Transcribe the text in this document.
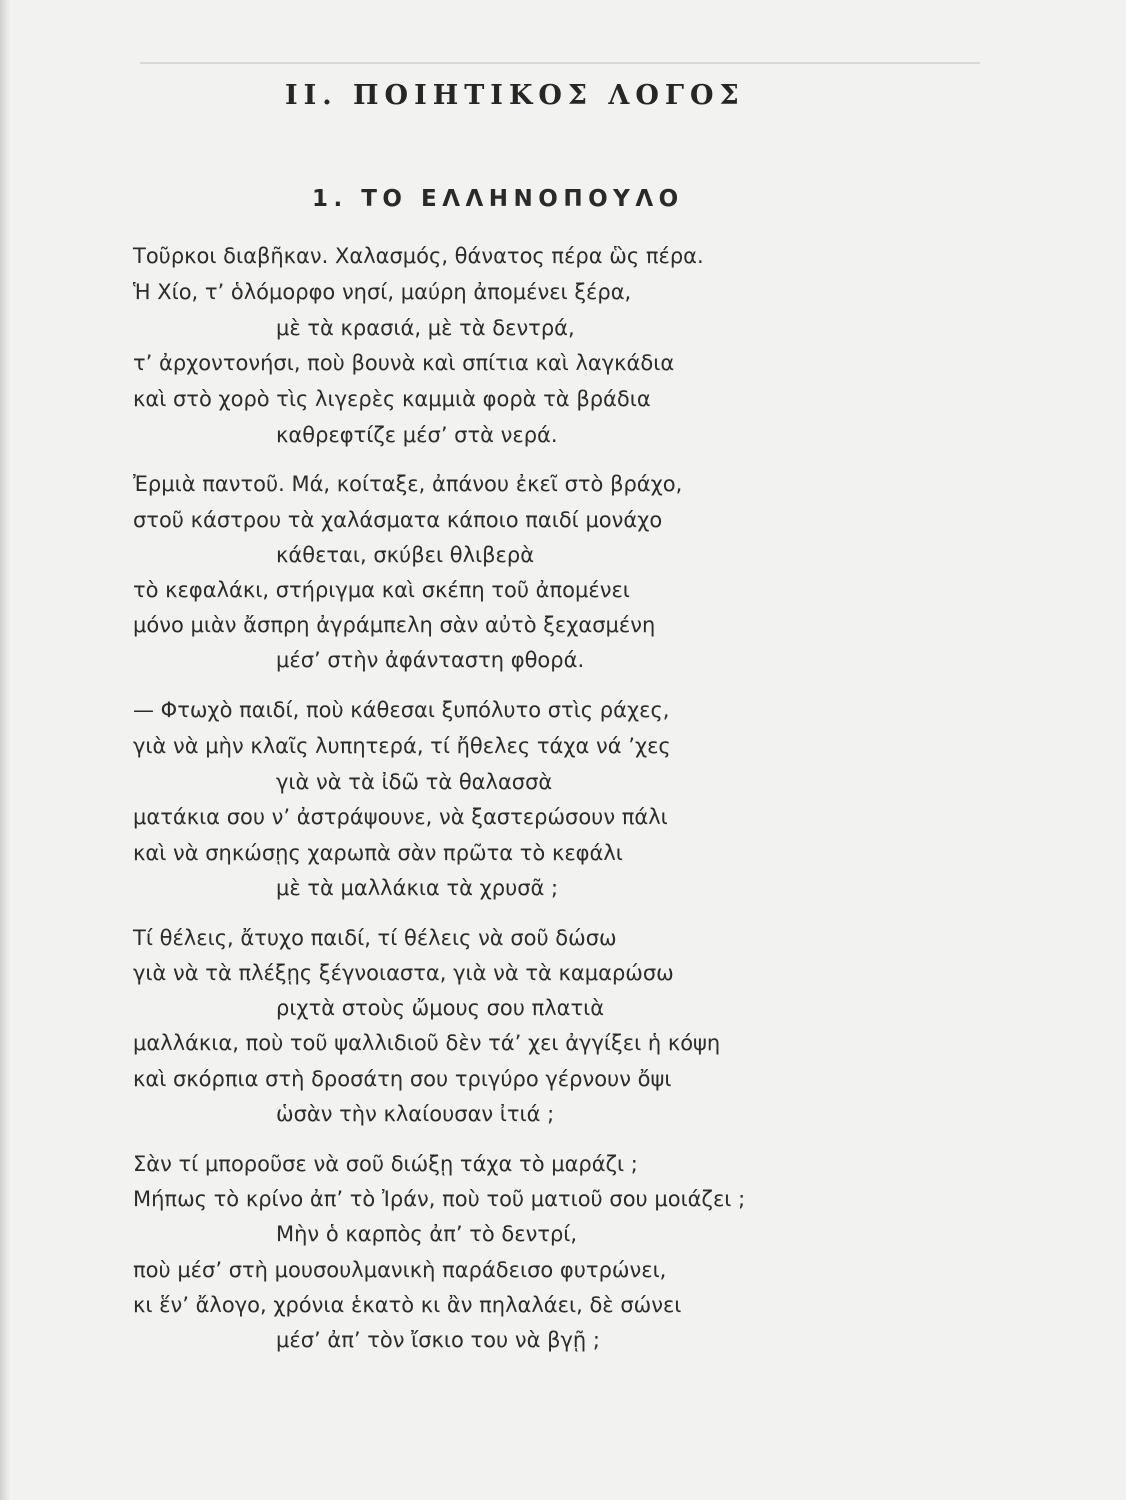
II. ΠΟΙΗΤΙΚΟΣ ΛΟΓΟΣ
1. ΤΟ ΕΛΛΗΝΟΠΟΥΛΟ
Τοῦρκοι διαβῆκαν. Χαλασμός, θάνατος πέρα ὣς πέρα.
Ἡ Χίο, τ’ ὁλόμορφο νησί, μαύρη ἀπομένει ξέρα,
μὲ τὰ κρασιά, μὲ τὰ δεντρά,
τ’ ἀρχοντονήσι, ποὺ βουνὰ καὶ σπίτια καὶ λαγκάδια
καὶ στὸ χορὸ τὶς λιγερὲς καμμιὰ φορὰ τὰ βράδια
καθρεφτίζε μέσ’ στὰ νερά.
Ἐρμιὰ παντοῦ. Μά, κοίταξε, ἀπάνου ἐκεῖ στὸ βράχο,
στοῦ κάστρου τὰ χαλάσματα κάποιο παιδί μονάχο
κάθεται, σκύβει θλιβερὰ
τὸ κεφαλάκι, στήριγμα καὶ σκέπη τοῦ ἀπομένει
μόνο μιὰν ἄσπρη ἀγράμπελη σὰν αὐτὸ ξεχασμένη
μέσ’ στὴν ἀφάνταστη φθορά.
— Φτωχὸ παιδί, ποὺ κάθεσαι ξυπόλυτο στὶς ράχες,
γιὰ νὰ μὴν κλαῖς λυπητερά, τί ἤθελες τάχα νά ’χες
γιὰ νὰ τὰ ἰδῶ τὰ θαλασσὰ
ματάκια σου ν’ ἀστράψουνε, νὰ ξαστερώσουν πάλι
καὶ νὰ σηκώσῃς χαρωπὰ σὰν πρῶτα τὸ κεφάλι
μὲ τὰ μαλλάκια τὰ χρυσᾶ ;
Τί θέλεις, ἄτυχο παιδί, τί θέλεις νὰ σοῦ δώσω
γιὰ νὰ τὰ πλέξῃς ξέγνοιαστα, γιὰ νὰ τὰ καμαρώσω
ριχτὰ στοὺς ὤμους σου πλατιὰ
μαλλάκια, ποὺ τοῦ ψαλλιδιοῦ δὲν τά’ χει ἀγγίξει ἡ κόψη
καὶ σκόρπια στὴ δροσάτη σου τριγύρο γέρνουν ὄψι
ὡσὰν τὴν κλαίουσαν ἰτιά ;
Σὰν τί μποροῦσε νὰ σοῦ διώξῃ τάχα τὸ μαράζι ;
Μήπως τὸ κρίνο ἀπ’ τὸ Ἰράν, ποὺ τοῦ ματιοῦ σου μοιάζει ;
Μὴν ὁ καρπὸς ἀπ’ τὸ δεντρί,
ποὺ μέσ’ στὴ μουσουλμανικὴ παράδεισο φυτρώνει,
κι ἕν’ ἄλογο, χρόνια ἑκατὸ κι ἂν πηλαλάει, δὲ σώνει
μέσ’ ἀπ’ τὸν ἴσκιο του νὰ βγῇ ;
